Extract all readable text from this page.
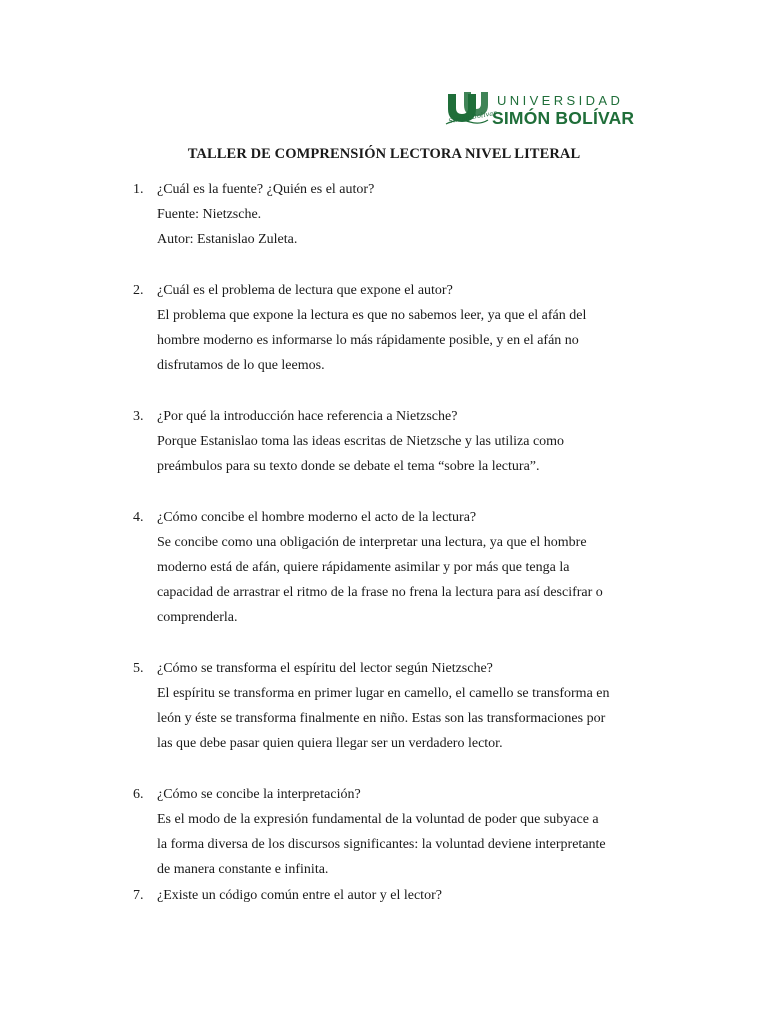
Simón Bolívar
UNIVERSIDAD
SIMÓN BOLÍVAR
TALLER DE COMPRENSIÓN LECTORA NIVEL LITERAL
1. ¿Cuál es la fuente? ¿Quién es el autor?
Fuente: Nietzsche.
Autor: Estanislao Zuleta.
2. ¿Cuál es el problema de lectura que expone el autor?
El problema que expone la lectura es que no sabemos leer, ya que el afán del
hombre moderno es informarse lo más rápidamente posible, y en el afán no
disfrutamos de lo que leemos.
3. ¿Por qué la introducción hace referencia a Nietzsche?
Porque Estanislao toma las ideas escritas de Nietzsche y las utiliza como
preámbulos para su texto donde se debate el tema “sobre la lectura”.
4. ¿Cómo concibe el hombre moderno el acto de la lectura?
Se concibe como una obligación de interpretar una lectura, ya que el hombre
moderno está de afán, quiere rápidamente asimilar y por más que tenga la
capacidad de arrastrar el ritmo de la frase no frena la lectura para así descifrar o
comprenderla.
5. ¿Cómo se transforma el espíritu del lector según Nietzsche?
El espíritu se transforma en primer lugar en camello, el camello se transforma en
león y éste se transforma finalmente en niño. Estas son las transformaciones por
las que debe pasar quien quiera llegar ser un verdadero lector.
6. ¿Cómo se concibe la interpretación?
Es el modo de la expresión fundamental de la voluntad de poder que subyace a
la forma diversa de los discursos significantes: la voluntad deviene interpretante
de manera constante e infinita.
7. ¿Existe un código común entre el autor y el lector?
